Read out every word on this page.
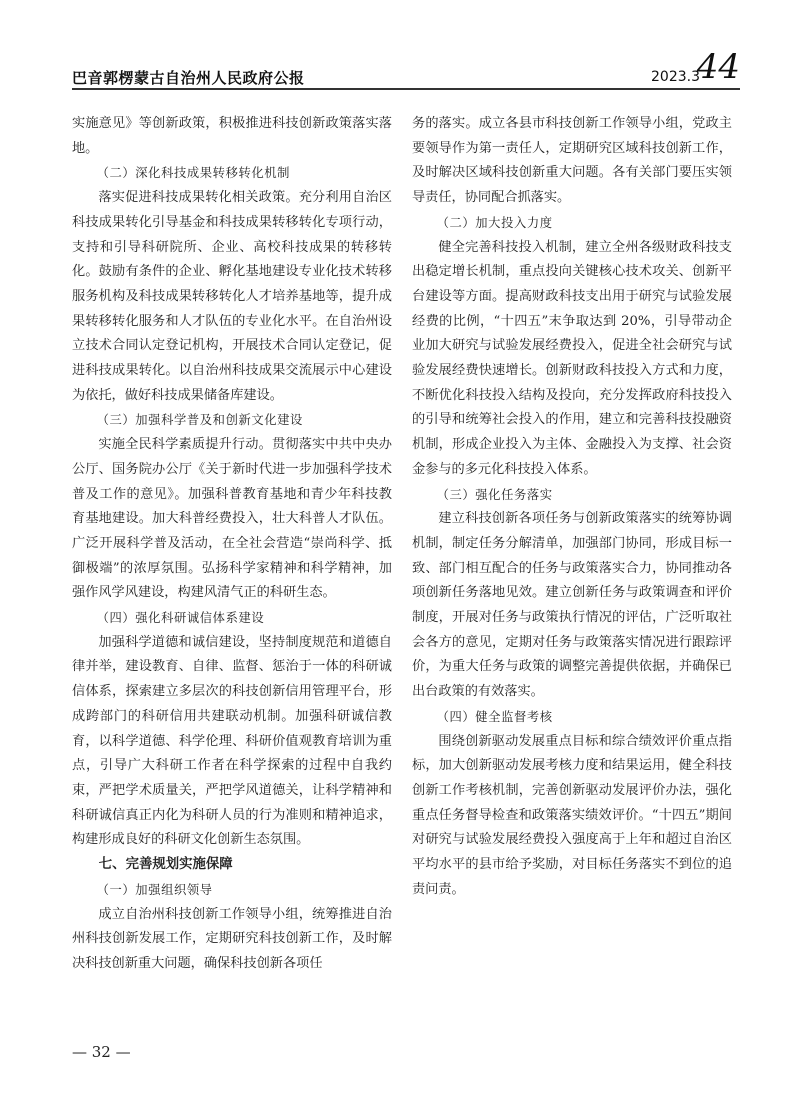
巴音郭楞蒙古自治州人民政府公报	2023.3
44

实施意见》等创新政策，积极推进科技创新政策落实落地。

（二）深化科技成果转移转化机制

落实促进科技成果转化相关政策。充分利用自治区科技成果转化引导基金和科技成果转移转化专项行动，支持和引导科研院所、企业、高校科技成果的转移转化。鼓励有条件的企业、孵化基地建设专业化技术转移服务机构及科技成果转移转化人才培养基地等，提升成果转移转化服务和人才队伍的专业化水平。在自治州设立技术合同认定登记机构，开展技术合同认定登记，促进科技成果转化。以自治州科技成果交流展示中心建设为依托，做好科技成果储备库建设。

（三）加强科学普及和创新文化建设

实施全民科学素质提升行动。贯彻落实中共中央办公厅、国务院办公厅《关于新时代进一步加强科学技术普及工作的意见》。加强科普教育基地和青少年科技教育基地建设。加大科普经费投入，壮大科普人才队伍。广泛开展科学普及活动，在全社会营造“崇尚科学、抵御极端”的浓厚氛围。弘扬科学家精神和科学精神，加强作风学风建设，构建风清气正的科研生态。

（四）强化科研诚信体系建设

加强科学道德和诚信建设，坚持制度规范和道德自律并举，建设教育、自律、监督、惩治于一体的科研诚信体系，探索建立多层次的科技创新信用管理平台，形成跨部门的科研信用共建联动机制。加强科研诚信教育，以科学道德、科学伦理、科研价值观教育培训为重点，引导广大科研工作者在科学探索的过程中自我约束，严把学术质量关，严把学风道德关，让科学精神和科研诚信真正内化为科研人员的行为准则和精神追求，构建形成良好的科研文化创新生态氛围。

七、完善规划实施保障

（一）加强组织领导

成立自治州科技创新工作领导小组，统筹推进自治州科技创新发展工作，定期研究科技创新工作，及时解决科技创新重大问题，确保科技创新各项任

务的落实。成立各县市科技创新工作领导小组，党政主要领导作为第一责任人，定期研究区域科技创新工作，及时解决区域科技创新重大问题。各有关部门要压实领导责任，协同配合抓落实。

（二）加大投入力度

健全完善科技投入机制，建立全州各级财政科技支出稳定增长机制，重点投向关键核心技术攻关、创新平台建设等方面。提高财政科技支出用于研究与试验发展经费的比例，“十四五”末争取达到 20%，引导带动企业加大研究与试验发展经费投入，促进全社会研究与试验发展经费快速增长。创新财政科技投入方式和力度，不断优化科技投入结构及投向，充分发挥政府科技投入的引导和统筹社会投入的作用，建立和完善科技投融资机制，形成企业投入为主体、金融投入为支撑、社会资金参与的多元化科技投入体系。

（三）强化任务落实

建立科技创新各项任务与创新政策落实的统筹协调机制，制定任务分解清单，加强部门协同，形成目标一致、部门相互配合的任务与政策落实合力，协同推动各项创新任务落地见效。建立创新任务与政策调查和评价制度，开展对任务与政策执行情况的评估，广泛听取社会各方的意见，定期对任务与政策落实情况进行跟踪评价，为重大任务与政策的调整完善提供依据，并确保已出台政策的有效落实。

（四）健全监督考核

围绕创新驱动发展重点目标和综合绩效评价重点指标，加大创新驱动发展考核力度和结果运用，健全科技创新工作考核机制，完善创新驱动发展评价办法，强化重点任务督导检查和政策落实绩效评价。“十四五”期间对研究与试验发展经费投入强度高于上年和超过自治区平均水平的县市给予奖励，对目标任务落实不到位的追责问责。

— 32 —
